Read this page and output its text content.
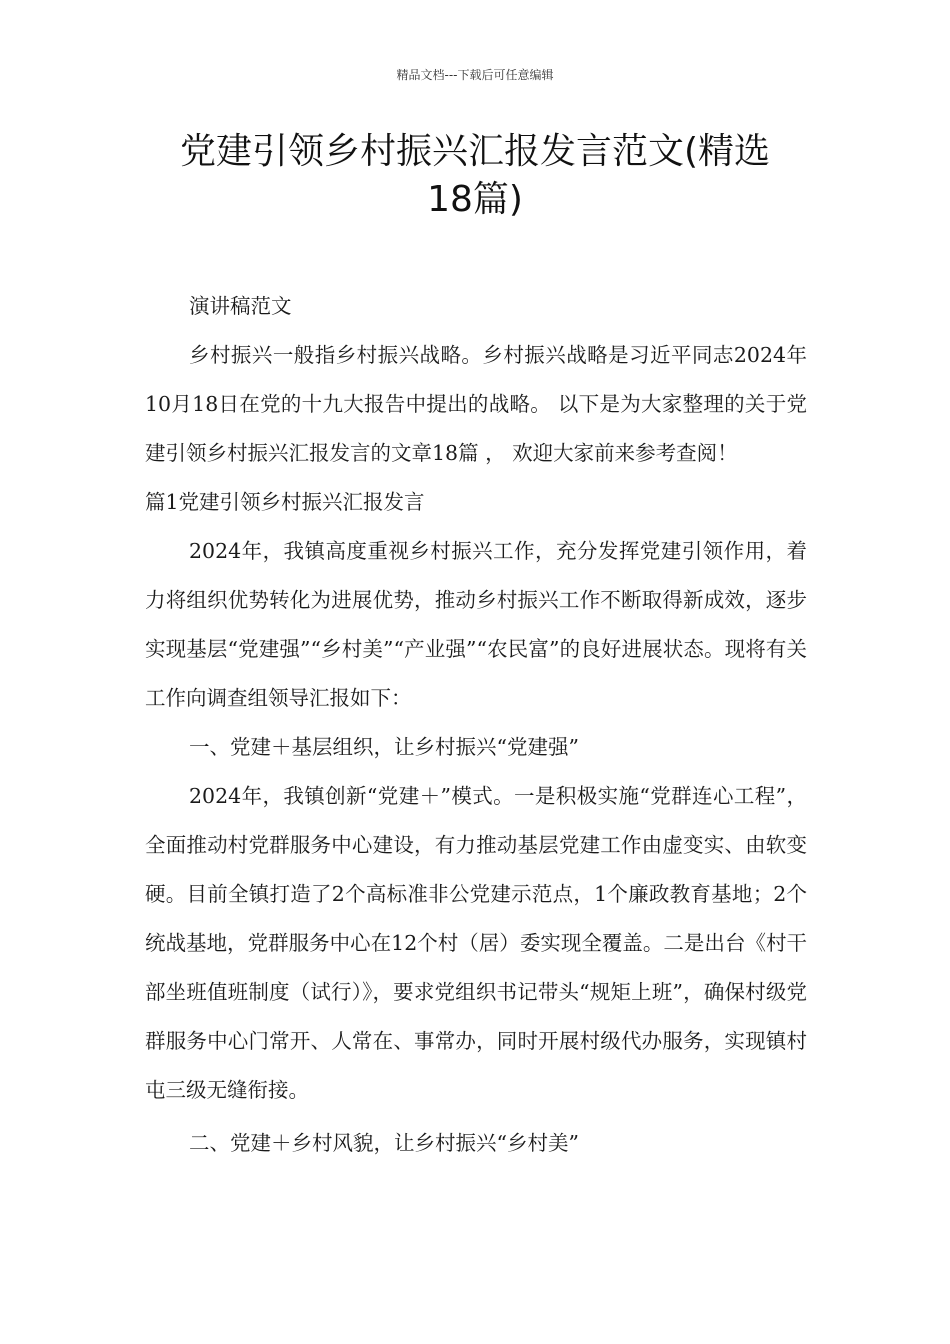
精品文档---下载后可任意编辑
党建引领乡村振兴汇报发言范文(精选
18篇)

演讲稿范文

乡村振兴一般指乡村振兴战略。乡村振兴战略是习近平同志2024年10月18日在党的十九大报告中提出的战略。 以下是为大家整理的关于党建引领乡村振兴汇报发言的文章18篇 ， 欢迎大家前来参考查阅！

篇1党建引领乡村振兴汇报发言

2024年，我镇高度重视乡村振兴工作，充分发挥党建引领作用，着力将组织优势转化为进展优势，推动乡村振兴工作不断取得新成效，逐步实现基层“党建强”“乡村美”“产业强”“农民富”的良好进展状态。现将有关工作向调查组领导汇报如下：

一、党建＋基层组织，让乡村振兴“党建强”

2024年，我镇创新“党建＋”模式。一是积极实施“党群连心工程”，全面推动村党群服务中心建设，有力推动基层党建工作由虚变实、由软变硬。目前全镇打造了2个高标准非公党建示范点，1个廉政教育基地；2个统战基地，党群服务中心在12个村（居）委实现全覆盖。二是出台《村干部坐班值班制度（试行）》，要求党组织书记带头“规矩上班”，确保村级党群服务中心门常开、人常在、事常办，同时开展村级代办服务，实现镇村屯三级无缝衔接。

二、党建＋乡村风貌，让乡村振兴“乡村美”
